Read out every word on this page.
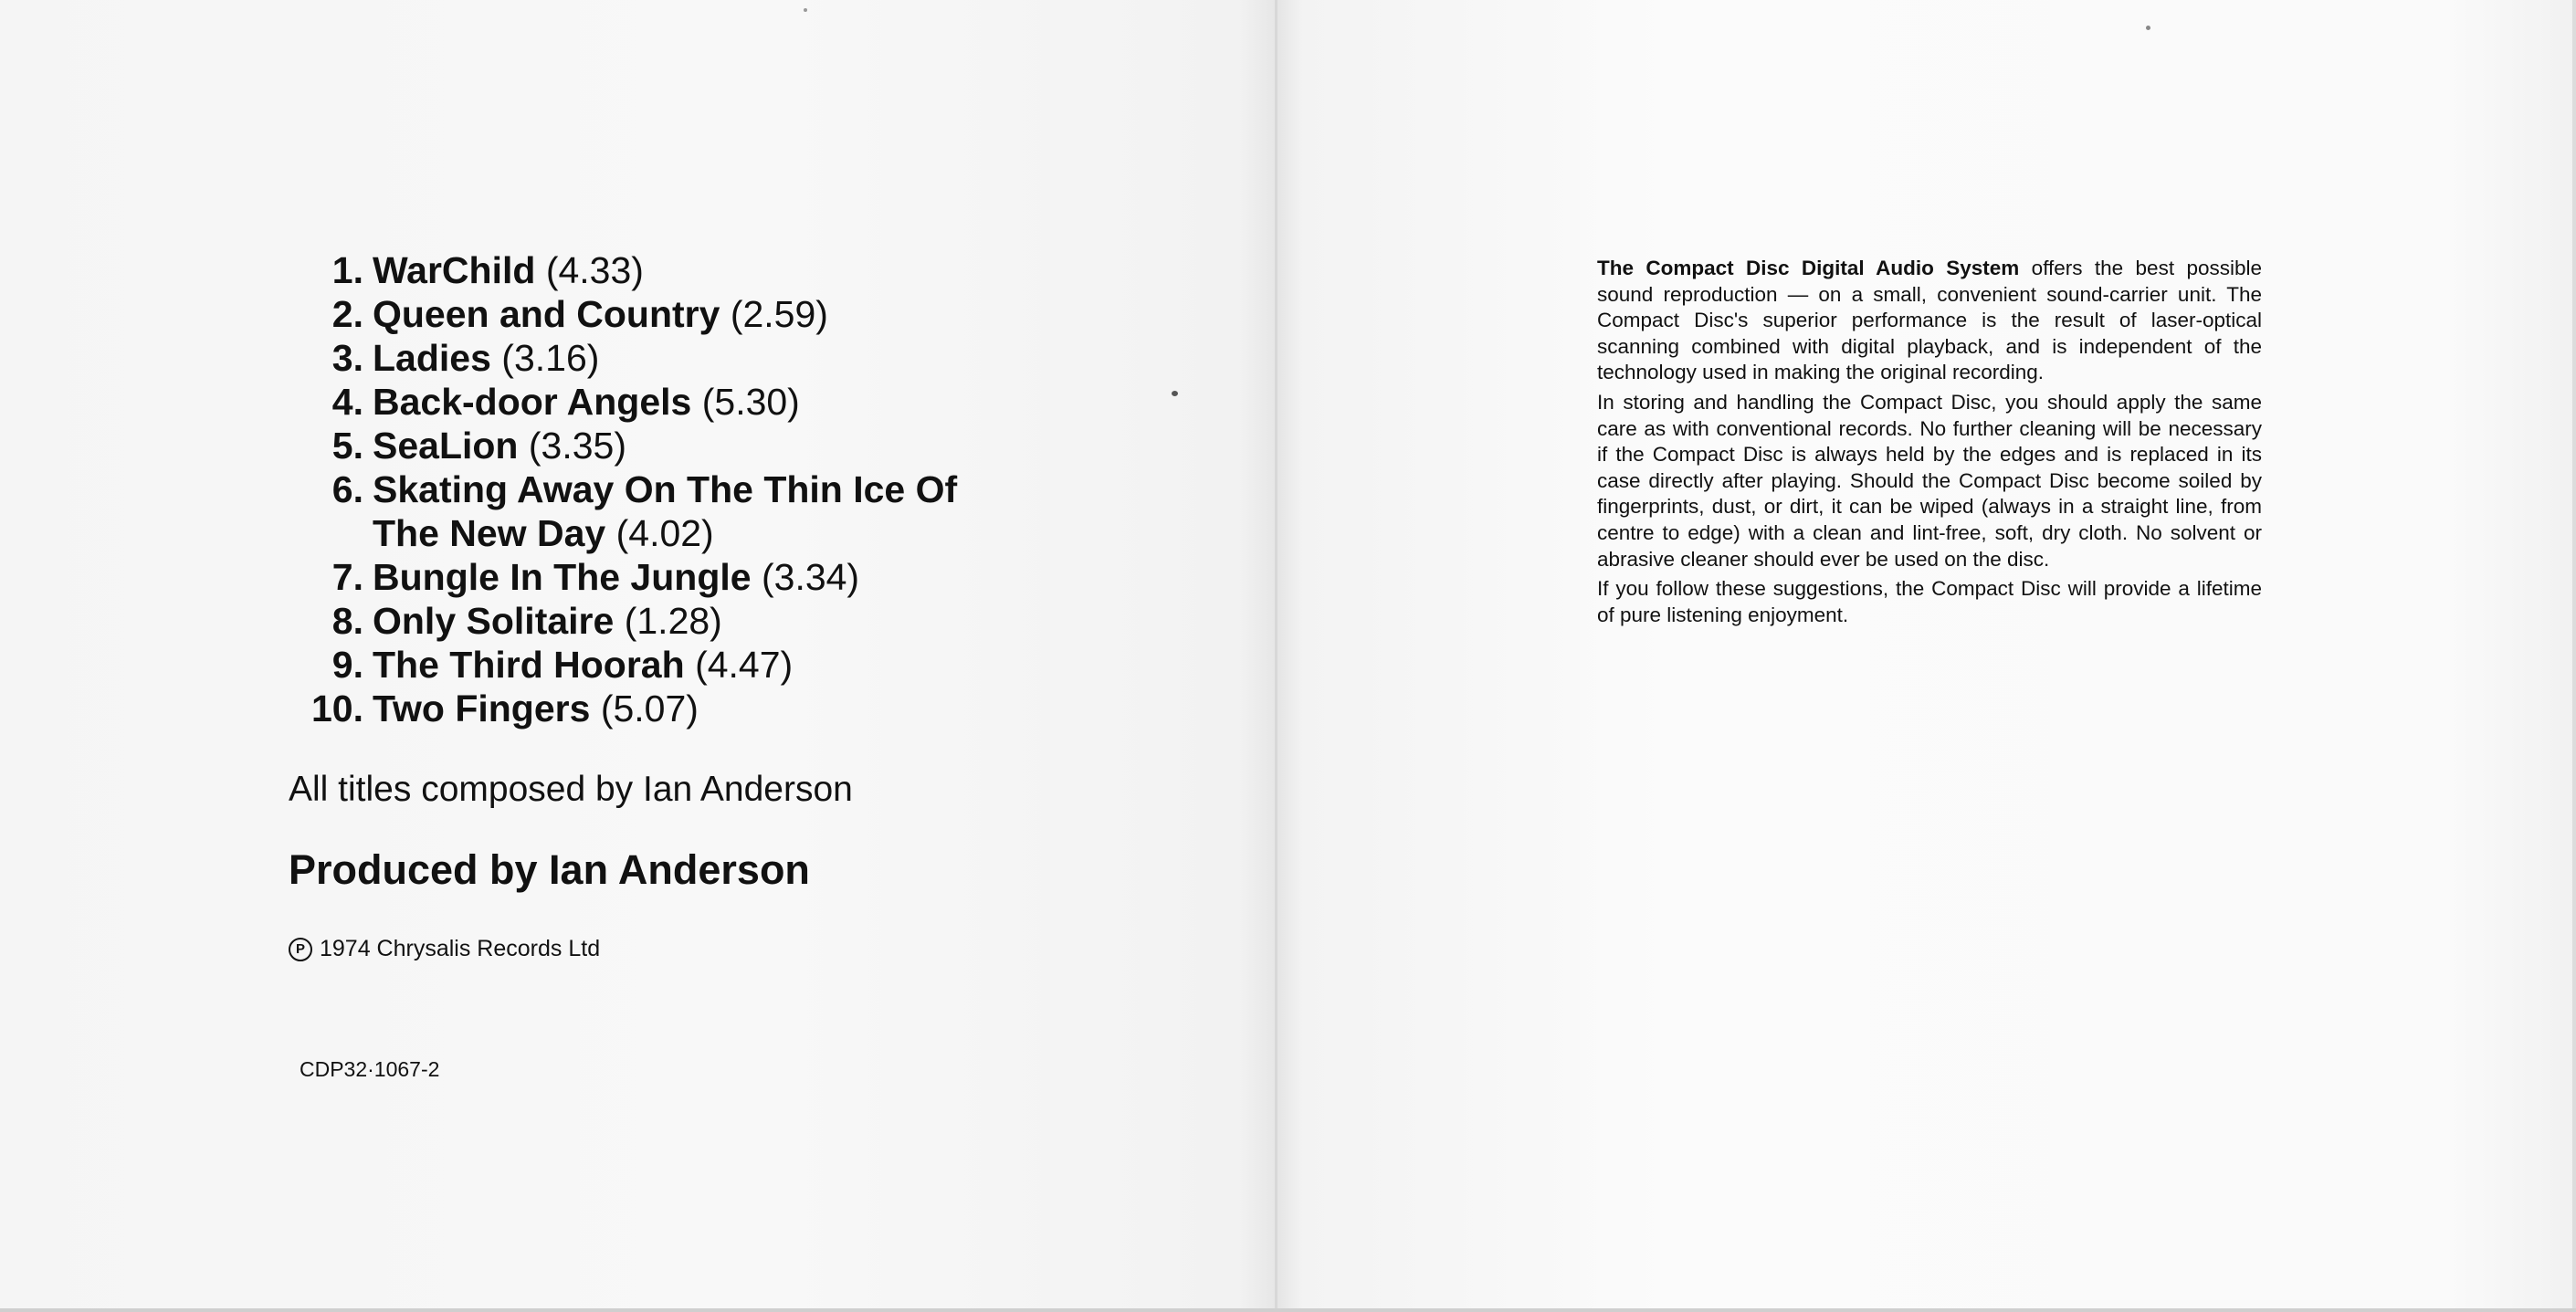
1. WarChild (4.33)
2. Queen and Country (2.59)
3. Ladies (3.16)
4. Back-door Angels (5.30)
5. SeaLion (3.35)
6. Skating Away On The Thin Ice Of The New Day (4.02)
7. Bungle In The Jungle (3.34)
8. Only Solitaire (1.28)
9. The Third Hoorah (4.47)
10. Two Fingers (5.07)
All titles composed by Ian Anderson
Produced by Ian Anderson
P 1974 Chrysalis Records Ltd
CDP32·1067-2

The Compact Disc Digital Audio System offers the best possible sound reproduction — on a small, convenient sound-carrier unit. The Compact Disc's superior performance is the result of laser-optical scanning combined with digital playback, and is independent of the technology used in making the original recording.

In storing and handling the Compact Disc, you should apply the same care as with conventional records. No further cleaning will be necessary if the Compact Disc is always held by the edges and is replaced in its case directly after playing. Should the Compact Disc become soiled by fingerprints, dust, or dirt, it can be wiped (always in a straight line, from centre to edge) with a clean and lint-free, soft, dry cloth. No solvent or abrasive cleaner should ever be used on the disc.

If you follow these suggestions, the Compact Disc will provide a lifetime of pure listening enjoyment.
